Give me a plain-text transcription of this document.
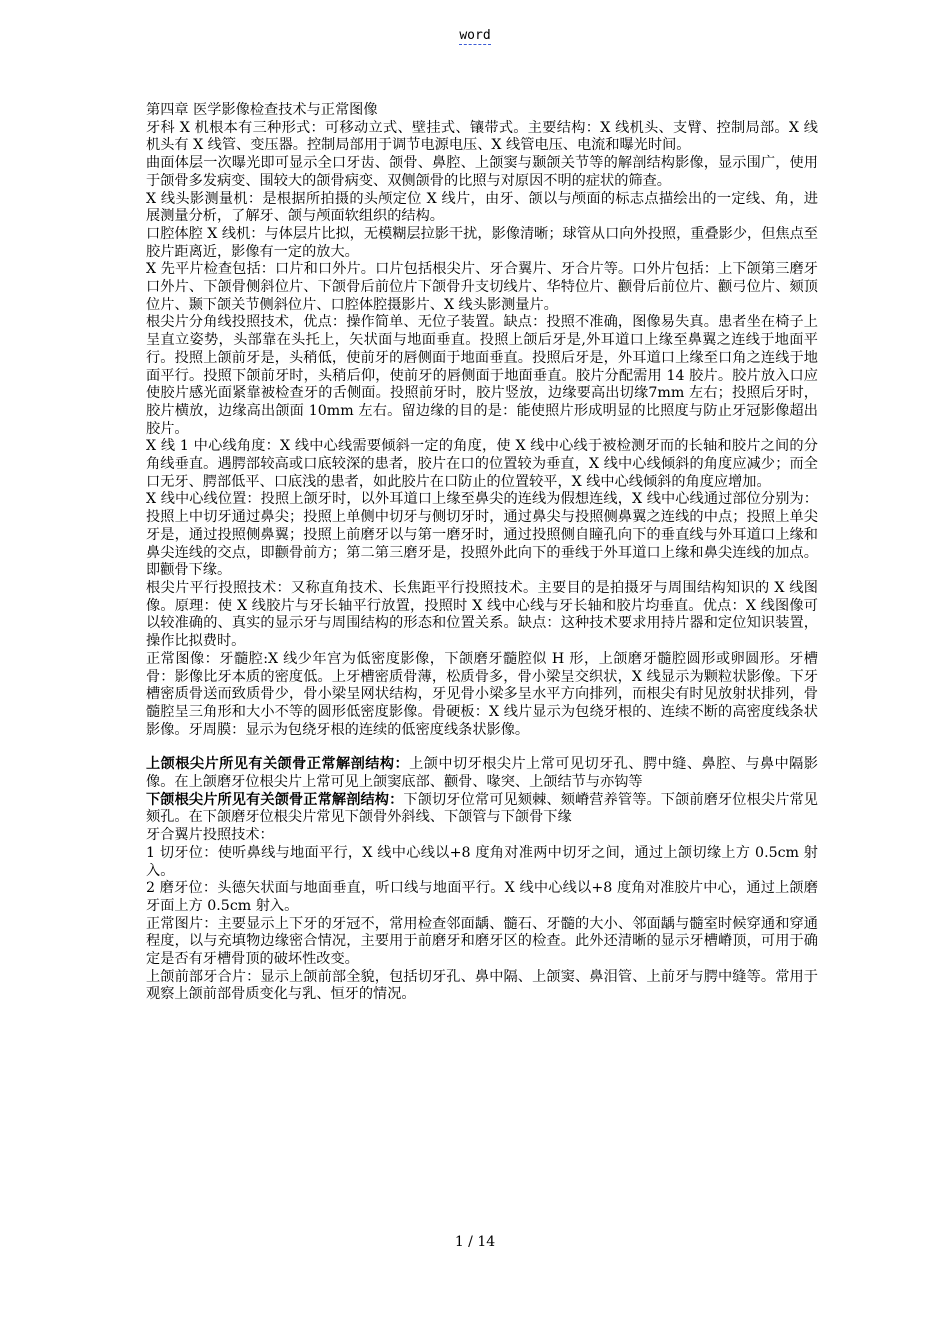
word

第四章 医学影像检查技术与正常图像

牙科 X 机根本有三种形式：可移动立式、壁挂式、镶带式。主要结构：X 线机头、支臂、控制局部。X 线机头有 X 线管、变压器。控制局部用于调节电源电压、X 线管电压、电流和曝光时间。

曲面体层一次曝光即可显示全口牙齿、颌骨、鼻腔、上颌窦与颞颌关节等的解剖结构影像，显示围广，使用于颌骨多发病变、围较大的颌骨病变、双侧颌骨的比照与对原因不明的症状的筛查。

X 线头影测量机：是根据所拍摄的头颅定位 X 线片，由牙、颌以与颅面的标志点描绘出的一定线、角，进展测量分析，了解牙、颌与颅面软组织的结构。

口腔体腔 X 线机：与体层片比拟，无模糊层拉影干扰，影像清晰；球管从口向外投照，重叠影少，但焦点至胶片距离近，影像有一定的放大。

X 先平片检查包括：口片和口外片。口片包括根尖片、牙合翼片、牙合片等。口外片包括：上下颌第三磨牙口外片、下颌骨侧斜位片、下颌骨后前位片下颌骨升支切线片、华特位片、颧骨后前位片、颧弓位片、颏顶位片、颞下颌关节侧斜位片、口腔体腔摄影片、X 线头影测量片。

根尖片分角线投照技术，优点：操作简单、无位子装置。缺点：投照不准确，图像易失真。患者坐在椅子上呈直立姿势，头部靠在头托上，矢状面与地面垂直。投照上颌后牙是,外耳道口上缘至鼻翼之连线于地面平行。投照上颌前牙是，头稍低，使前牙的唇侧面于地面垂直。投照后牙是，外耳道口上缘至口角之连线于地面平行。投照下颌前牙时，头稍后仰，使前牙的唇侧面于地面垂直。胶片分配需用 14 胶片。胶片放入口应使胶片感光面紧靠被检查牙的舌侧面。投照前牙时，胶片竖放，边缘要高出切缘7mm 左右；投照后牙时，胶片横放，边缘高出颌面 10mm 左右。留边缘的目的是：能使照片形成明显的比照度与防止牙冠影像超出胶片。

X 线 1 中心线角度：X 线中心线需要倾斜一定的角度，使 X 线中心线于被检测牙而的长轴和胶片之间的分角线垂直。遇腭部较高或口底较深的患者，胶片在口的位置较为垂直，X 线中心线倾斜的角度应减少；而全口无牙、腭部低平、口底浅的患者，如此胶片在口防止的位置较平，X 线中心线倾斜的角度应增加。

X 线中心线位置：投照上颌牙时，以外耳道口上缘至鼻尖的连线为假想连线，X 线中心线通过部位分别为：投照上中切牙通过鼻尖；投照上单侧中切牙与侧切牙时，通过鼻尖与投照侧鼻翼之连线的中点；投照上单尖牙是，通过投照侧鼻翼；投照上前磨牙以与第一磨牙时，通过投照侧自瞳孔向下的垂直线与外耳道口上缘和鼻尖连线的交点，即颧骨前方；第二第三磨牙是，投照外此向下的垂线于外耳道口上缘和鼻尖连线的加点。即颧骨下缘。

根尖片平行投照技术：又称直角技术、长焦距平行投照技术。主要目的是拍摄牙与周围结构知识的 X 线图像。原理：使 X 线胶片与牙长轴平行放置，投照时 X 线中心线与牙长轴和胶片均垂直。优点：X 线图像可以较准确的、真实的显示牙与周围结构的形态和位置关系。缺点：这种技术要求用持片器和定位知识装置，操作比拟费时。

正常图像：牙髓腔:X 线少年宫为低密度影像，下颌磨牙髓腔似 H 形，上颌磨牙髓腔圆形或卵圆形。牙槽骨：影像比牙本质的密度低。上牙槽密质骨薄，松质骨多，骨小梁呈交织状，X 线显示为颗粒状影像。下牙槽密质骨送而致质骨少，骨小梁呈网状结构，牙见骨小梁多呈水平方向排列，而根尖有时见放射状排列，骨髓腔呈三角形和大小不等的圆形低密度影像。骨硬板：X 线片显示为包绕牙根的、连续不断的高密度线条状影像。牙周膜：显示为包绕牙根的连续的低密度线条状影像。

上颌根尖片所见有关颌骨正常解剖结构：上颌中切牙根尖片上常可见切牙孔、腭中缝、鼻腔、与鼻中隔影像。在上颌磨牙位根尖片上常可见上颌窦底部、颧骨、喙突、上颌结节与亦钩等

下颌根尖片所见有关颌骨正常解剖结构：下颌切牙位常可见颏棘、颏嵴营养管等。下颌前磨牙位根尖片常见颏孔。在下颌磨牙位根尖片常见下颌骨外斜线、下颌管与下颌骨下缘

牙合翼片投照技术：

1 切牙位：使听鼻线与地面平行，X 线中心线以+8 度角对准两中切牙之间，通过上颌切缘上方 0.5cm 射入。

2 磨牙位：头德矢状面与地面垂直，听口线与地面平行。X 线中心线以+8 度角对准胶片中心，通过上颌磨牙面上方 0.5cm 射入。

正常图片：主要显示上下牙的牙冠不，常用检查邻面龋、髓石、牙髓的大小、邻面龋与髓室时候穿通和穿通程度，以与充填物边缘密合情况，主要用于前磨牙和磨牙区的检查。此外还清晰的显示牙槽嵴顶，可用于确定是否有牙槽骨顶的破坏性改变。

上颌前部牙合片：显示上颌前部全貌，包括切牙孔、鼻中隔、上颌窦、鼻泪管、上前牙与腭中缝等。常用于观察上颌前部骨质变化与乳、恒牙的情况。

1 / 14
